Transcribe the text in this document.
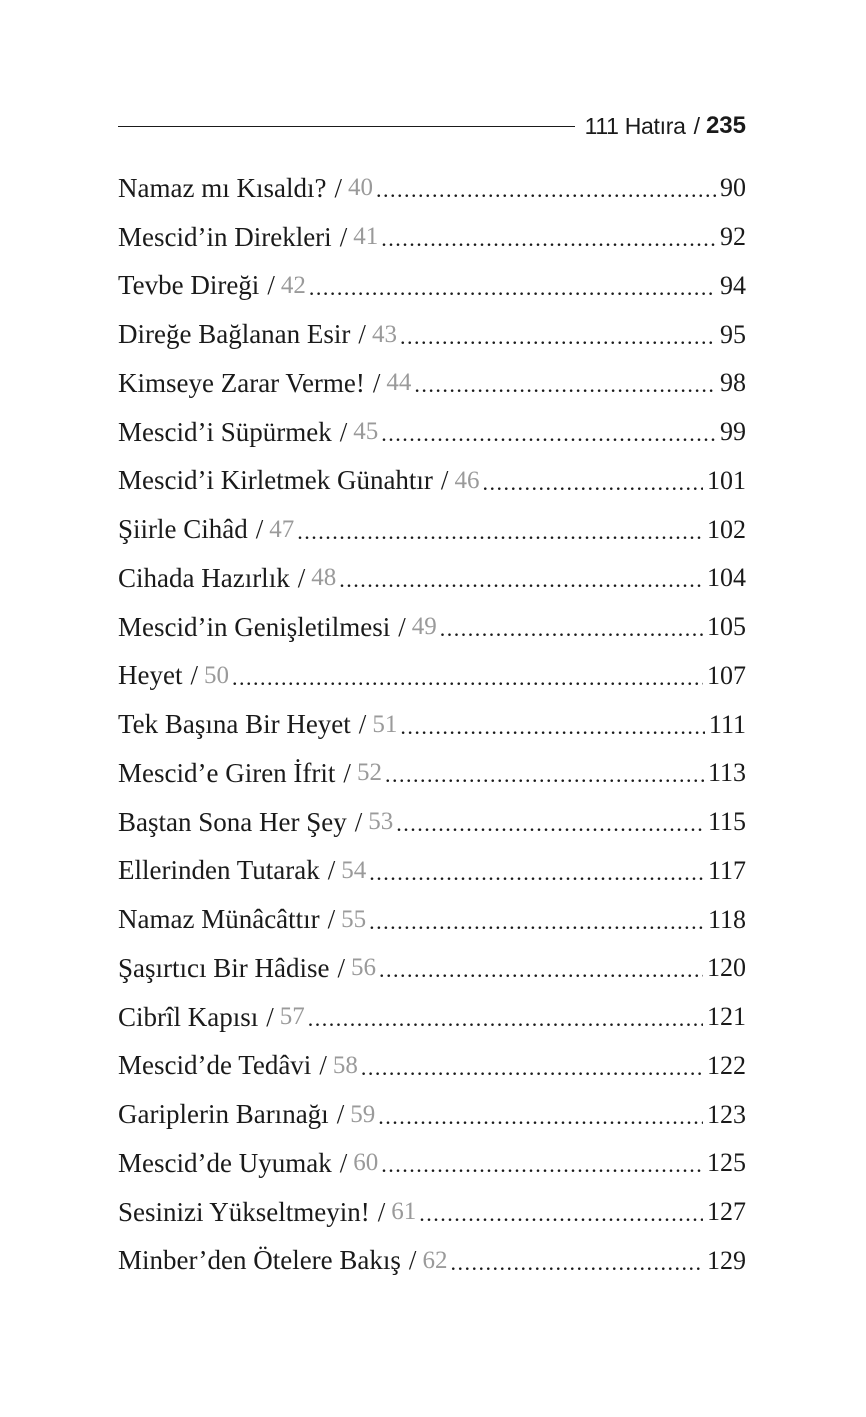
111 Hatıra / 235
Namaz mı Kısaldı? / 40 .....	90
Mescid’in Direkleri / 41 .....	92
Tevbe Direği / 42 .....	94
Direğe Bağlanan Esir / 43 .....	95
Kimseye Zarar Verme! / 44 .....	98
Mescid’i Süpürmek / 45 .....	99
Mescid’i Kirletmek Günahtır / 46 .....	101
Şiirle Cihâd / 47 .....	102
Cihada Hazırlık / 48 .....	104
Mescid’in Genişletilmesi / 49 .....	105
Heyet / 50 .....	107
Tek Başına Bir Heyet / 51 .....	111
Mescid’e Giren İfrit / 52 .....	113
Baştan Sona Her Şey / 53 .....	115
Ellerinden Tutarak / 54 .....	117
Namaz Münâcâttır / 55 .....	118
Şaşırtıcı Bir Hâdise / 56 .....	120
Cibrîl Kapısı / 57 .....	121
Mescid’de Tedâvi / 58 .....	122
Gariplerin Barınağı / 59 .....	123
Mescid’de Uyumak / 60 .....	125
Sesinizi Yükseltmeyin! / 61 .....	127
Minber’den Ötelere Bakış / 62 .....	129
